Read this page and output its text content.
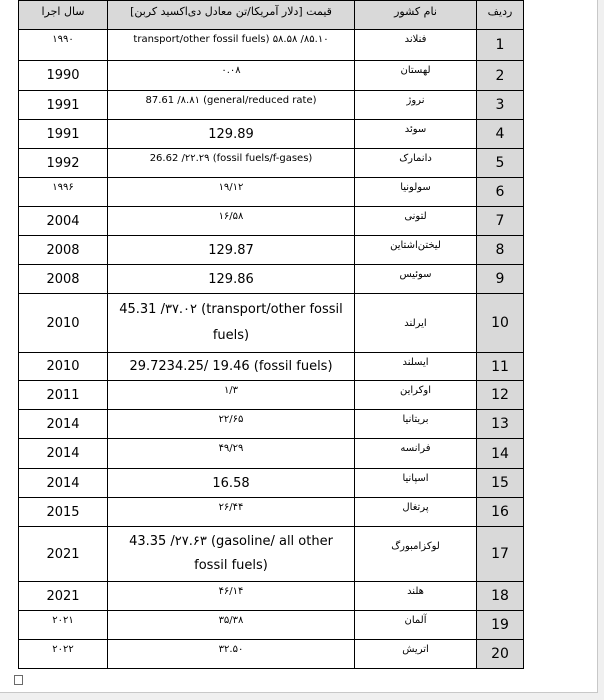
سال اجرا	قیمت [دلار آمریکا/تن معادل دی‌اکسید کربن]	نام کشور	ردیف
۱۹۹۰	transport/other fossil fuels) ۵۸.۵۸ /۸۵.۱۰	فنلاند	1
1990	۰.۰۸	لهستان	2
1991	87.61 /۸.۸۱ (general/reduced rate)	نروژ	3
1991	129.89	سوئد	4
1992	26.62 /۲۲.۲۹ (fossil fuels/f-gases)	دانمارک	5
۱۹۹۶	۱۹/۱۲	سولونیا	6
2004	۱۶/۵۸	لتونی	7
2008	129.87	لیختن‌اشتاین	8
2008	129.86	سوئیس	9
2010	45.31 /۳۷.۰۲ (transport/other fossil fuels)	ایرلند	10
2010	29.7234.25/ 19.46 (fossil fuels)	ایسلند	11
2011	۱/۳	اوکراین	12
2014	۲۲/۶۵	بریتانیا	13
2014	۴۹/۲۹	فرانسه	14
2014	16.58	اسپانیا	15
2015	۲۶/۴۴	پرتغال	16
2021	43.35 /۲۷.۶۳ (gasoline/ all other fossil fuels)	لوکزامبورگ	17
2021	۴۶/۱۴	هلند	18
۲۰۲۱	۳۵/۳۸	آلمان	19
۲۰۲۲	۳۲.۵۰	اتریش	20
